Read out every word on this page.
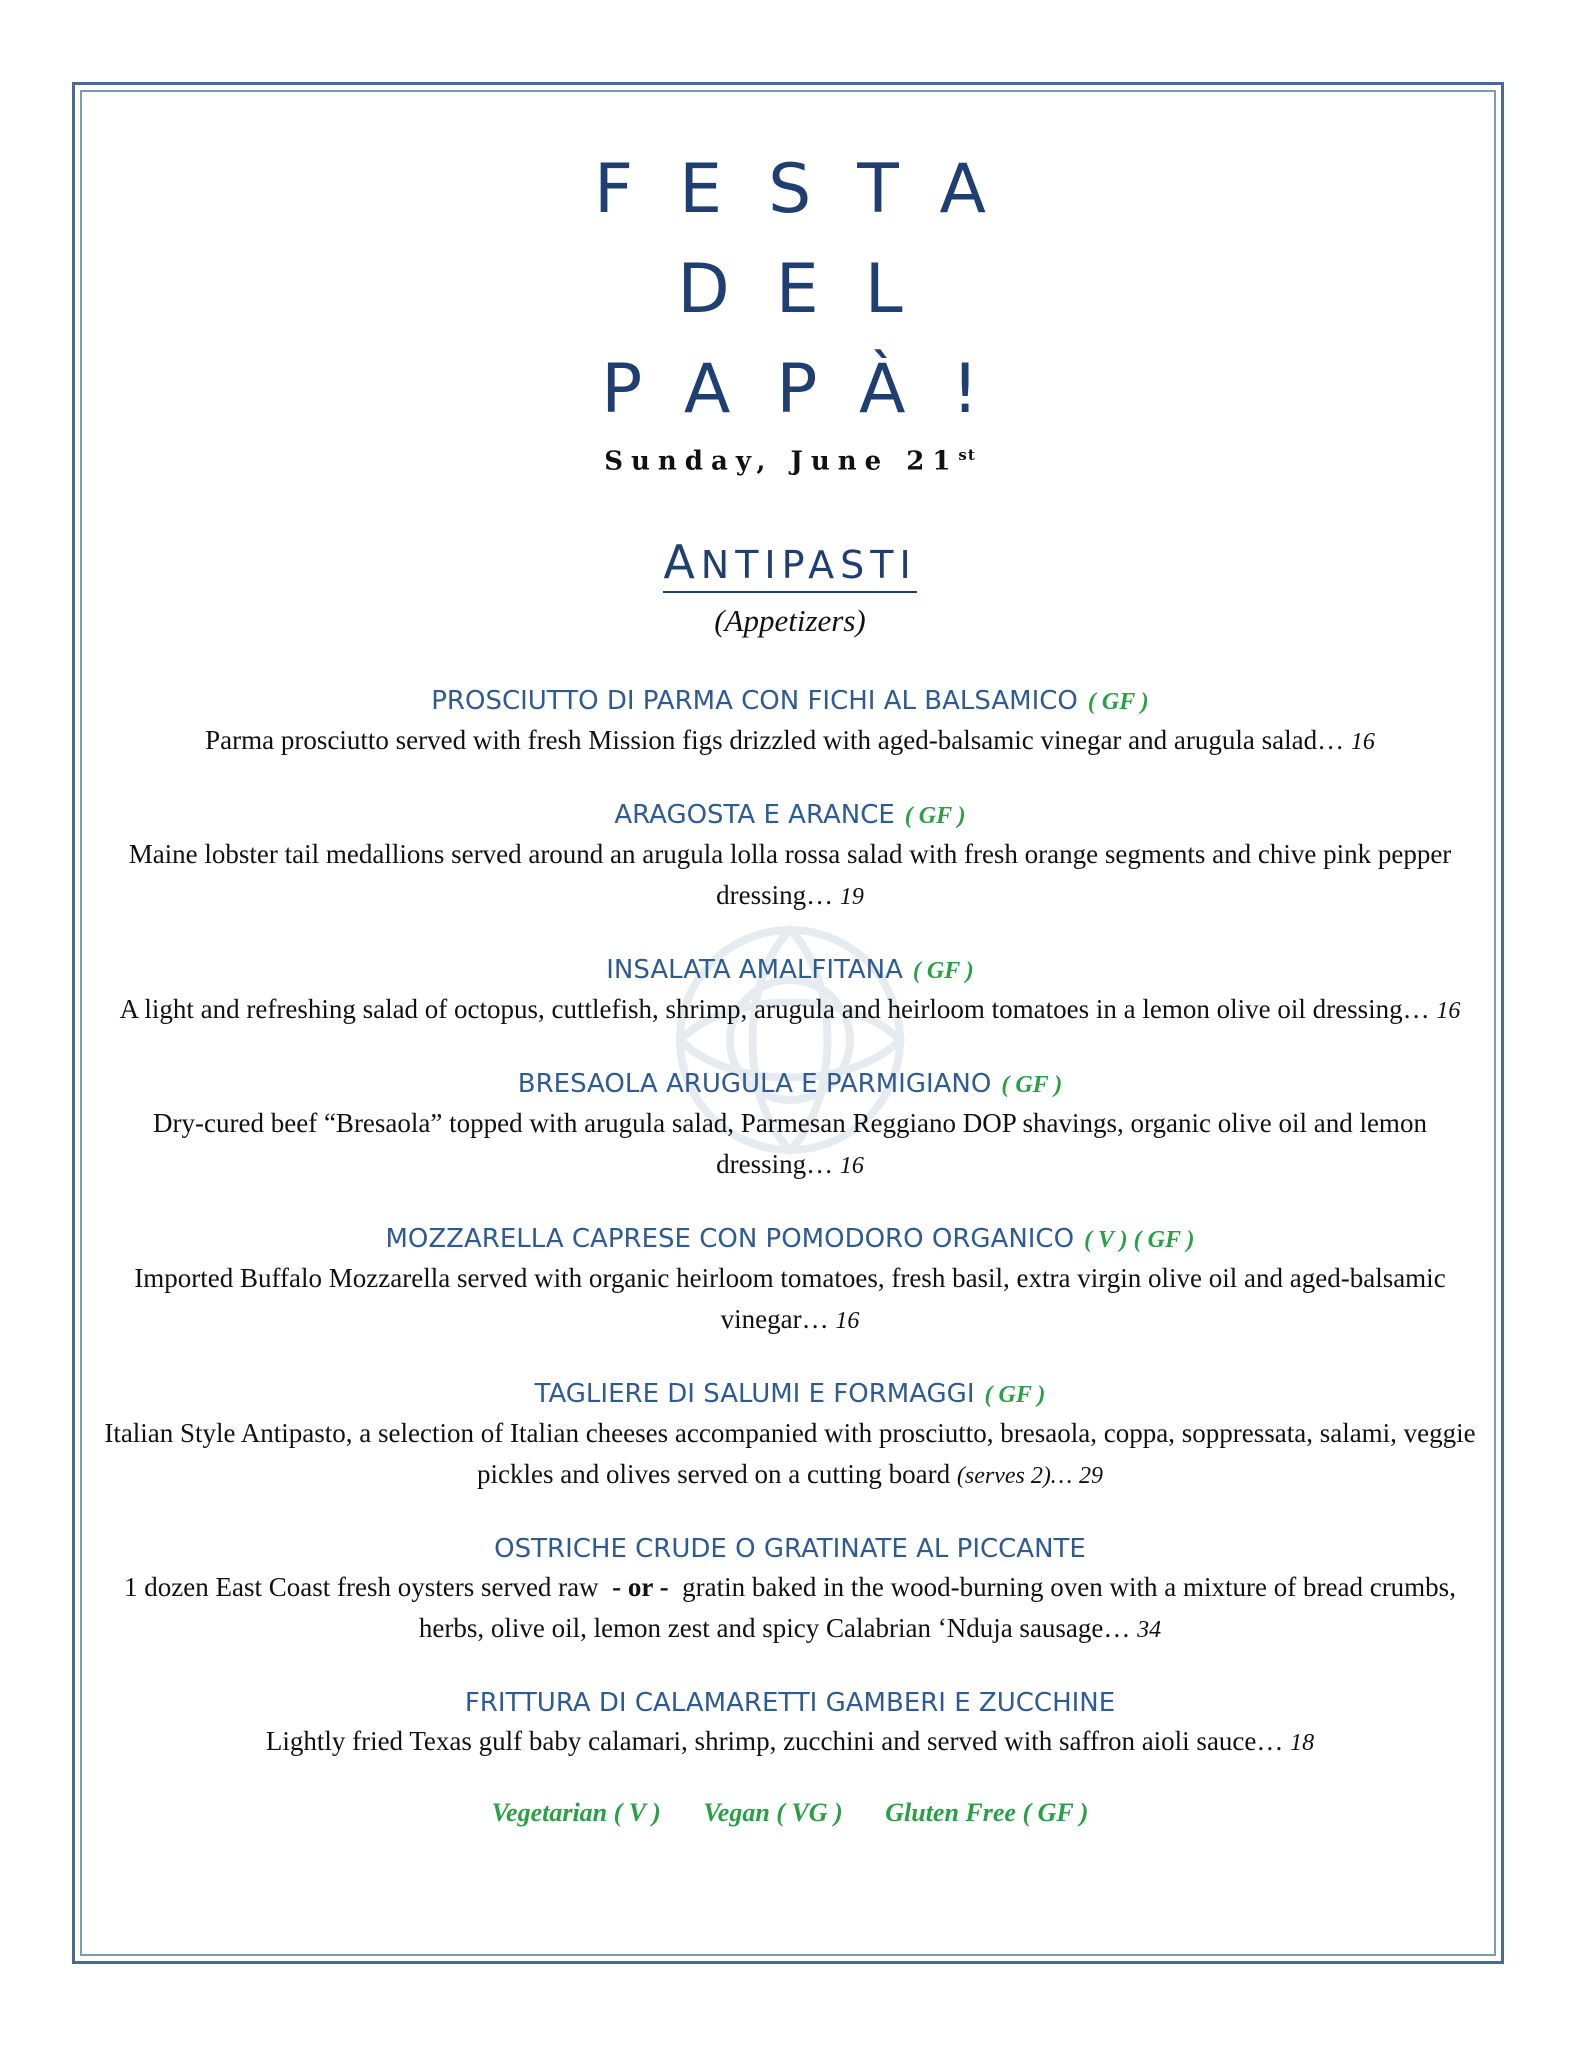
FESTA

DEL

PAPÀ!

Sunday, June 21st
ANTIPASTI
(Appetizers)
PROSCIUTTO DI PARMA CON FICHI AL BALSAMICO ( GF )
Parma prosciutto served with fresh Mission figs drizzled with aged-balsamic vinegar and arugula salad… 16
ARAGOSTA E ARANCE ( GF )
Maine lobster tail medallions served around an arugula lolla rossa salad with fresh orange segments and chive pink pepper dressing… 19
INSALATA AMALFITANA ( GF )
A light and refreshing salad of octopus, cuttlefish, shrimp, arugula and heirloom tomatoes in a lemon olive oil dressing… 16
BRESAOLA ARUGULA E PARMIGIANO ( GF )
Dry-cured beef “Bresaola” topped with arugula salad, Parmesan Reggiano DOP shavings, organic olive oil and lemon dressing… 16
MOZZARELLA CAPRESE CON POMODORO ORGANICO ( V ) ( GF )
Imported Buffalo Mozzarella served with organic heirloom tomatoes, fresh basil, extra virgin olive oil and aged-balsamic vinegar… 16
TAGLIERE DI SALUMI E FORMAGGI ( GF )
Italian Style Antipasto, a selection of Italian cheeses accompanied with prosciutto, bresaola, coppa, soppressata, salami, veggie pickles and olives served on a cutting board (serves 2)… 29
OSTRICHE CRUDE O GRATINATE AL PICCANTE
1 dozen East Coast fresh oysters served raw - or - gratin baked in the wood-burning oven with a mixture of bread crumbs, herbs, olive oil, lemon zest and spicy Calabrian ‘Nduja sausage… 34
FRITTURA DI CALAMARETTI GAMBERI E ZUCCHINE
Lightly fried Texas gulf baby calamari, shrimp, zucchini and served with saffron aioli sauce… 18
Vegetarian ( V ) Vegan ( VG ) Gluten Free ( GF )
